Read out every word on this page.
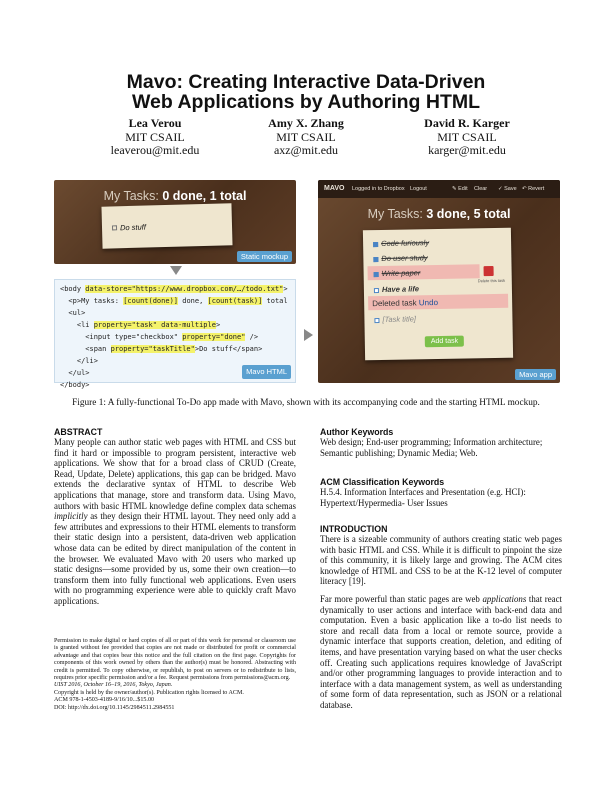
Mavo: Creating Interactive Data-Driven
Web Applications by Authoring HTML
Lea Verou
MIT CSAIL
leaverou@mit.edu
Amy X. Zhang
MIT CSAIL
axz@mit.edu
David R. Karger
MIT CSAIL
karger@mit.edu
My Tasks: 0 done, 1 total
Do stuff
Static mockup
<body data-store="https://www.dropbox.com/…/todo.txt">
<p>My tasks: [count(done)] done, [count(task)] total
<ul>
<li property="task" data-multiple>
<input type="checkbox" property="done" />
<span property="taskTitle">Do stuff</span>
</li>
</ul>
</body>
Mavo HTML
MAVO Logged in to Dropbox Logout	✎ Edit Clear ✓ Save ↶ Revert
My Tasks: 3 done, 5 total
Code furiously
Do user study
Write paper
Delete this task
Have a life
Deleted task Undo
[Task title]
Add task
Mavo app
Figure 1: A fully-functional To-Do app made with Mavo, shown with its accompanying code and the starting HTML mockup.
ABSTRACT
Many people can author static web pages with HTML and CSS but find it hard or impossible to program persistent, interactive web applications. We show that for a broad class of CRUD (Create, Read, Update, Delete) applications, this gap can be bridged. Mavo extends the declarative syntax of HTML to describe Web applications that manage, store and transform data. Using Mavo, authors with basic HTML knowledge define complex data schemas implicitly as they design their HTML layout. They need only add a few attributes and expressions to their HTML elements to transform their static design into a persistent, data-driven web application whose data can be edited by direct manipulation of the content in the browser. We evaluated Mavo with 20 users who marked up static designs—some provided by us, some their own creation—to transform them into fully functional web applications. Even users with no programming experience were able to quickly craft Mavo applications.
Permission to make digital or hard copies of all or part of this work for personal or classroom use is granted without fee provided that copies are not made or distributed for profit or commercial advantage and that copies bear this notice and the full citation on the first page. Copyrights for components of this work owned by others than the author(s) must be honored. Abstracting with credit is permitted. To copy otherwise, or republish, to post on servers or to redistribute to lists, requires prior specific permission and/or a fee. Request permissions from permissions@acm.org.
UIST 2016, October 16–19, 2016, Tokyo, Japan.
Copyright is held by the owner/author(s). Publication rights licensed to ACM.
ACM 978-1-4503-4189-9/16/10...$15.00
DOI: http://dx.doi.org/10.1145/2984511.2984551
Author Keywords
Web design; End-user programming; Information architecture; Semantic publishing; Dynamic Media; Web.
ACM Classification Keywords
H.5.4. Information Interfaces and Presentation (e.g. HCI): Hypertext/Hypermedia- User Issues
INTRODUCTION
There is a sizeable community of authors creating static web pages with basic HTML and CSS. While it is difficult to pinpoint the size of this community, it is likely large and growing. The ACM cites knowledge of HTML and CSS to be at the K-12 level of computer literacy [19].
Far more powerful than static pages are web applications that react dynamically to user actions and interface with back-end data and computation. Even a basic application like a to-do list needs to store and recall data from a local or remote source, provide a dynamic interface that supports creation, deletion, and editing of items, and have presentation varying based on what the user checks off. Creating such applications requires knowledge of JavaScript and/or other programming languages to provide interaction and to interface with a data management system, as well as understanding of some form of data representation, such as JSON or a relational database.
